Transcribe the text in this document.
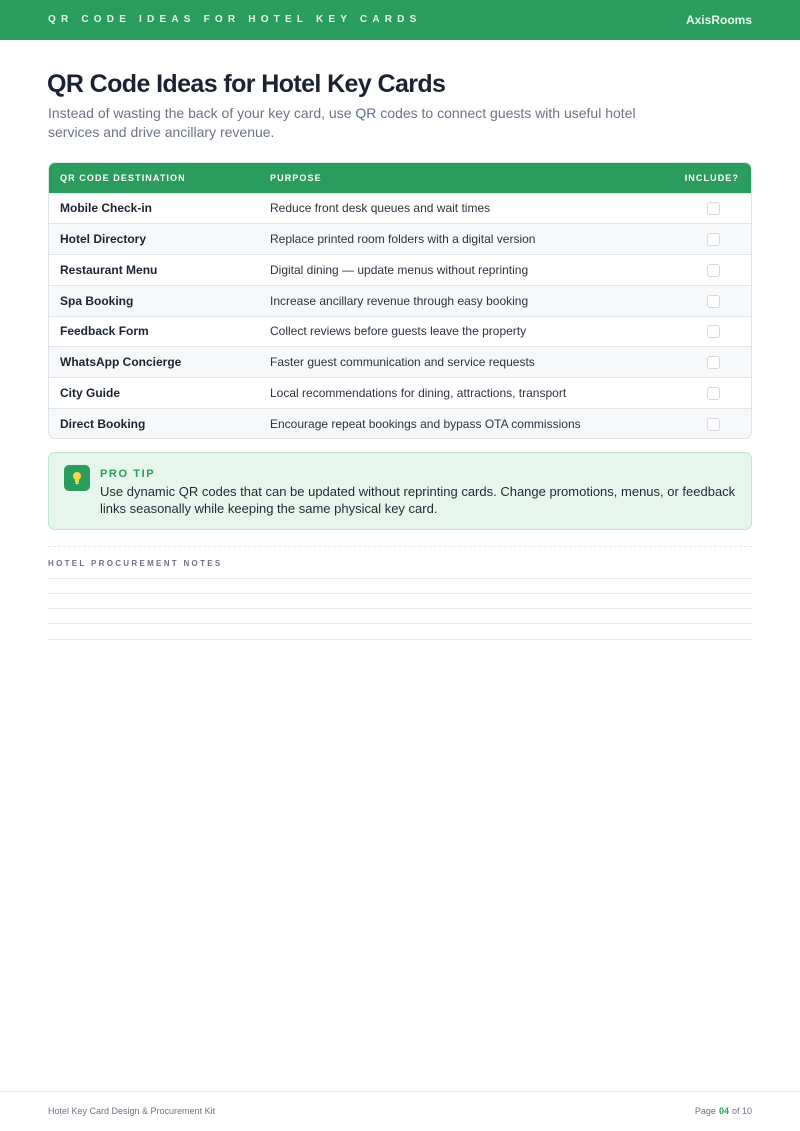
QR CODE IDEAS FOR HOTEL KEY CARDS	AxisRooms
QR Code Ideas for Hotel Key Cards

Instead of wasting the back of your key card, use QR codes to connect guests with useful hotel services and drive ancillary revenue.

QR CODE DESTINATION	PURPOSE	INCLUDE?
Mobile Check-in	Reduce front desk queues and wait times
Hotel Directory	Replace printed room folders with a digital version
Restaurant Menu	Digital dining — update menus without reprinting
Spa Booking	Increase ancillary revenue through easy booking
Feedback Form	Collect reviews before guests leave the property
WhatsApp Concierge	Faster guest communication and service requests
City Guide	Local recommendations for dining, attractions, transport
Direct Booking	Encourage repeat bookings and bypass OTA commissions
PRO TIP

Use dynamic QR codes that can be updated without reprinting cards. Change promotions, menus, or feedback links seasonally while keeping the same physical key card.

HOTEL PROCUREMENT NOTES
Hotel Key Card Design & Procurement Kit	Page 04 of 10
